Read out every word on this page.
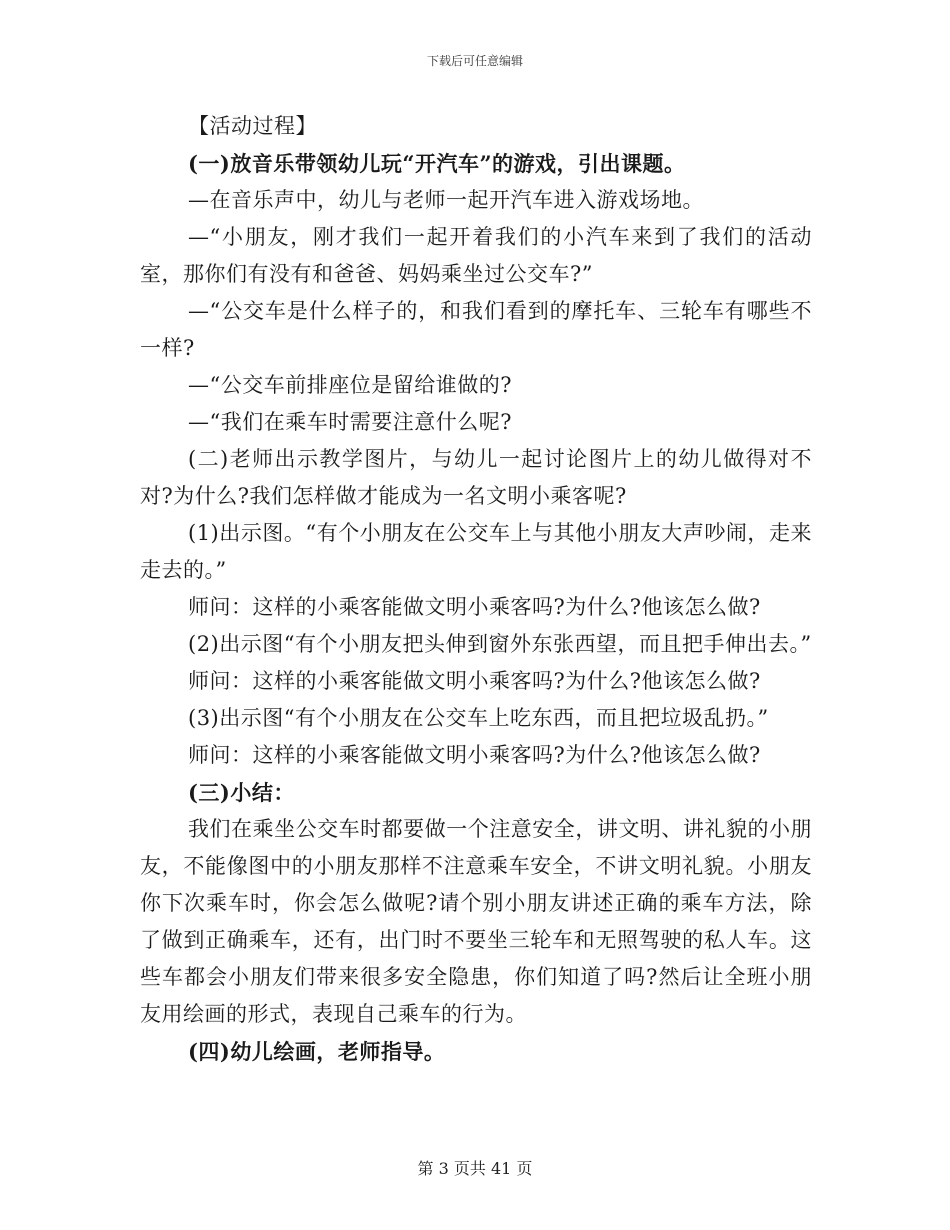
下载后可任意编辑

【活动过程】

(一)放音乐带领幼儿玩“开汽车”的游戏，引出课题。

—在音乐声中，幼儿与老师一起开汽车进入游戏场地。

—“小朋友，刚才我们一起开着我们的小汽车来到了我们的活动室，那你们有没有和爸爸、妈妈乘坐过公交车?”

—“公交车是什么样子的，和我们看到的摩托车、三轮车有哪些不一样?

—“公交车前排座位是留给谁做的?

—“我们在乘车时需要注意什么呢?

(二)老师出示教学图片，与幼儿一起讨论图片上的幼儿做得对不对?为什么?我们怎样做才能成为一名文明小乘客呢?

(1)出示图。“有个小朋友在公交车上与其他小朋友大声吵闹，走来走去的。”

师问：这样的小乘客能做文明小乘客吗?为什么?他该怎么做?

(2)出示图“有个小朋友把头伸到窗外东张西望，而且把手伸出去。”

师问：这样的小乘客能做文明小乘客吗?为什么?他该怎么做?

(3)出示图“有个小朋友在公交车上吃东西，而且把垃圾乱扔。”

师问：这样的小乘客能做文明小乘客吗?为什么?他该怎么做?

(三)小结：

我们在乘坐公交车时都要做一个注意安全，讲文明、讲礼貌的小朋友，不能像图中的小朋友那样不注意乘车安全，不讲文明礼貌。小朋友你下次乘车时，你会怎么做呢?请个别小朋友讲述正确的乘车方法，除了做到正确乘车，还有，出门时不要坐三轮车和无照驾驶的私人车。这些车都会小朋友们带来很多安全隐患，你们知道了吗?然后让全班小朋友用绘画的形式，表现自己乘车的行为。

(四)幼儿绘画，老师指导。

第 3 页共 41 页
